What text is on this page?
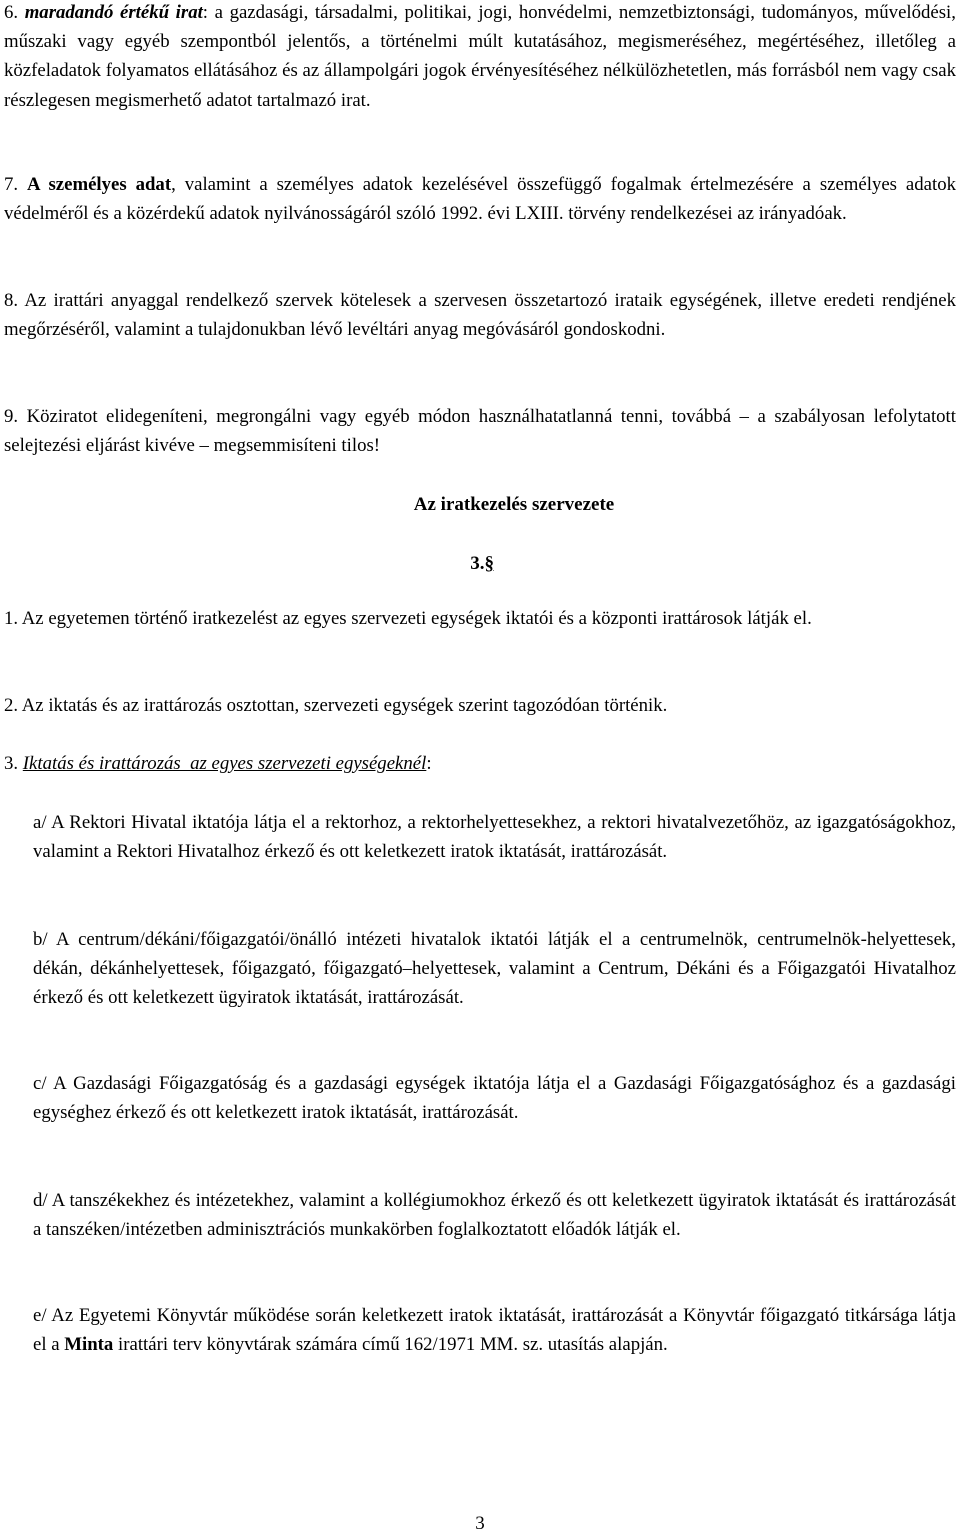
6. maradandó értékű irat: a gazdasági, társadalmi, politikai, jogi, honvédelmi, nemzetbiztonsági, tudományos, művelődési, műszaki vagy egyéb szempontból jelentős, a történelmi múlt kutatásához, megismeréséhez, megértéséhez, illetőleg a közfeladatok folyamatos ellátásához és az állampolgári jogok érvényesítéséhez nélkülözhetetlen, más forrásból nem vagy csak részlegesen megismerhető adatot tartalmazó irat.

7. A személyes adat, valamint a személyes adatok kezelésével összefüggő fogalmak értelmezésére a személyes adatok védelméről és a közérdekű adatok nyilvánosságáról szóló 1992. évi LXIII. törvény rendelkezései az irányadóak.

8. Az irattári anyaggal rendelkező szervek kötelesek a szervesen összetartozó irataik egységének, illetve eredeti rendjének megőrzéséről, valamint a tulajdonukban lévő levéltári anyag megóvásáról gondoskodni.

9. Köziratot elidegeníteni, megrongálni vagy egyéb módon használhatatlanná tenni, továbbá – a szabályosan lefolytatott selejtezési eljárást kivéve – megsemmisíteni tilos!

Az iratkezelés szervezete
3.§

1. Az egyetemen történő iratkezelést az egyes szervezeti egységek iktatói és a központi irattárosok látják el.

2. Az iktatás és az irattározás osztottan, szervezeti egységek szerint tagozódóan történik.

3. Iktatás és irattározás  az egyes szervezeti egységeknél:

a/ A Rektori Hivatal iktatója látja el a rektorhoz, a rektorhelyettesekhez, a rektori hivatalvezetőhöz, az igazgatóságokhoz, valamint a Rektori Hivatalhoz érkező és ott keletkezett iratok iktatását, irattározását.

b/ A centrum/dékáni/főigazgatói/önálló intézeti hivatalok iktatói látják el a centrumelnök, centrumelnök-helyettesek, dékán, dékánhelyettesek, főigazgató, főigazgató–helyettesek, valamint a Centrum, Dékáni és a Főigazgatói Hivatalhoz érkező és ott keletkezett ügyiratok iktatását, irattározását.

c/ A Gazdasági Főigazgatóság és a gazdasági egységek iktatója látja el a Gazdasági Főigazgatósághoz és a gazdasági egységhez érkező és ott keletkezett iratok iktatását, irattározását.

d/ A tanszékekhez és intézetekhez, valamint a kollégiumokhoz érkező és ott keletkezett ügyiratok iktatását és irattározását a tanszéken/intézetben adminisztrációs munkakörben foglalkoztatott előadók látják el.

e/ Az Egyetemi Könyvtár működése során keletkezett iratok iktatását, irattározását a Könyvtár főigazgató titkársága látja el a Minta irattári terv könyvtárak számára című 162/1971 MM. sz. utasítás alapján.

3
